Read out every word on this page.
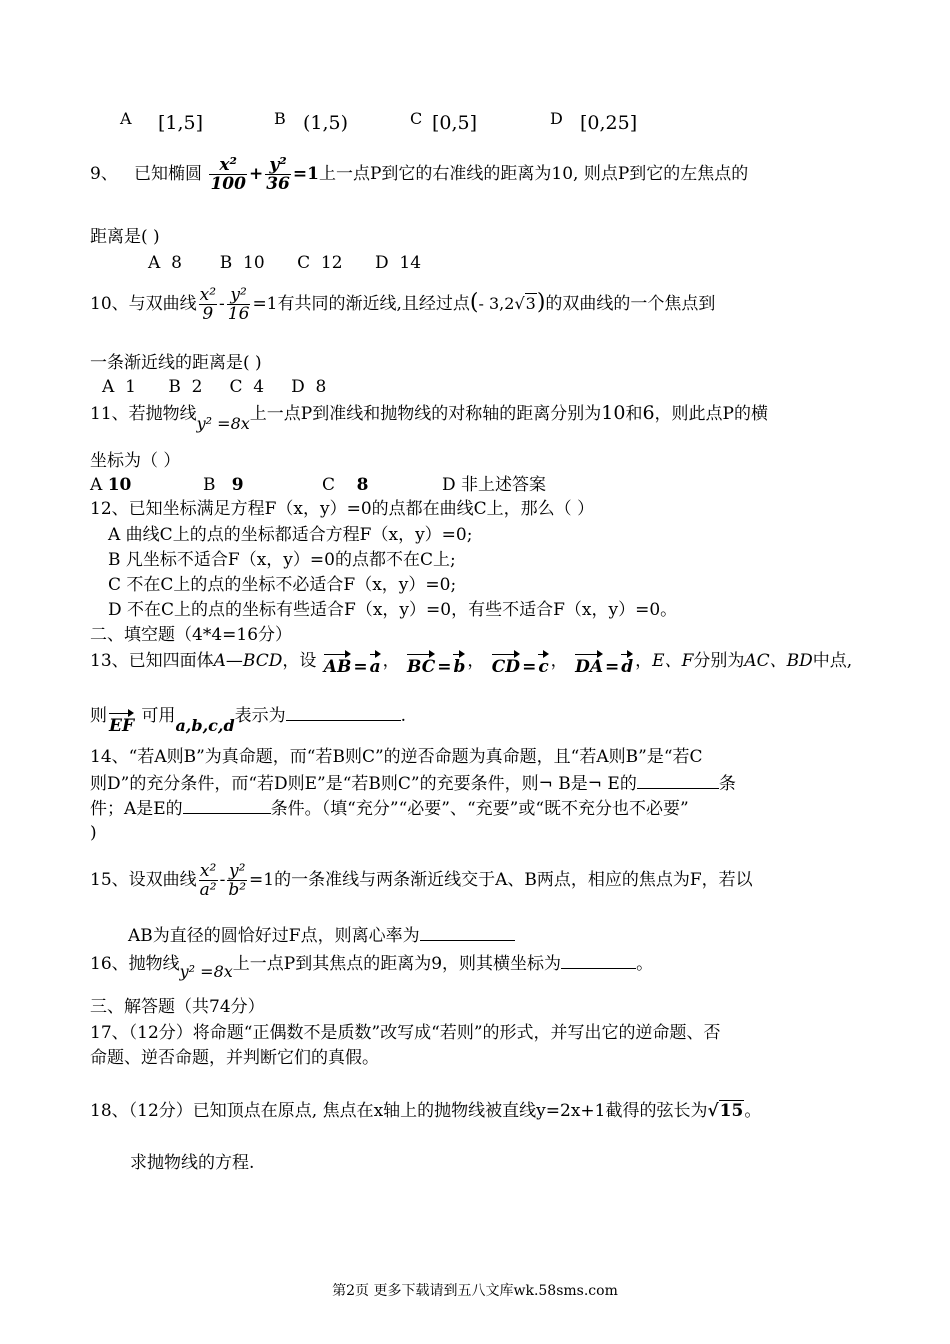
A [1,5]	B (1,5)	C [0,5]	D [0,25]
9、 已知椭圆 $\frac{\text{x²}}{100} + \frac{\text{y²}}{36} =1$上一点P到它的右准线的距离为10, 则点P到它的左焦点的
距离是( )
A  8       B  10      C  12      D  14
10、与双曲线 $\frac{\text{x²}}{9} - \frac{\text{y²}}{16} =1$有共同的渐近线,且经过点(- 3,2√3)的双曲线的一个焦点到
一条渐近线的距离是( )
A  1      B  2     C  4     D  8
11、若抛物线y² =8x上一点P到准线和抛物线的对称轴的距离分别为10和6，则此点P的横
坐标为（ ）
A 10	B 9	C 8	D 非上述答案
12、已知坐标满足方程F（x，y）=0的点都在曲线C上，那么（ ）
A 曲线C上的点的坐标都适合方程F（x，y）=0;
B 凡坐标不适合F（x，y）=0的点都不在C上;
C 不在C上的点的坐标不必适合F（x，y）=0;
D 不在C上的点的坐标有些适合F（x，y）=0，有些不适合F（x，y）=0。
二、填空题（4*4=16分）
13、已知四面体A—BCD，设 AB = a ， BC = b ， CD = c ， DA = d ，E、F分别为AC、BD中点,
则 EF 可用a,b,c,d表示为	.
14、“若A则B”为真命题，而“若B则C”的逆否命题为真命题，且“若A则B”是“若C
则D”的充分条件，而“若D则E”是“若B则C”的充要条件，则¬ B是¬ E的	条
件；A是E的	条件。（填“充分”“必要”、“充要”或“既不充分也不必要”
)
15、设双曲线 $\frac{\text{x²}}{\text{a²}} - \frac{\text{y²}}{\text{b²}} =1$的一条准线与两条渐近线交于A、B两点，相应的焦点为F，若以
AB为直径的圆恰好过F点，则离心率为
16、抛物线y² =8x上一点P到其焦点的距离为9，则其横坐标为	。
三、解答题（共74分）
17、（12分）将命题“正偶数不是质数”改写成“若则”的形式，并写出它的逆命题、否
命题、逆否命题，并判断它们的真假。
18、（12分）已知顶点在原点, 焦点在x轴上的抛物线被直线y=2x+1截得的弦长为√15。
求抛物线的方程.
第2页 更多下载请到五八文库wk.58sms.com
